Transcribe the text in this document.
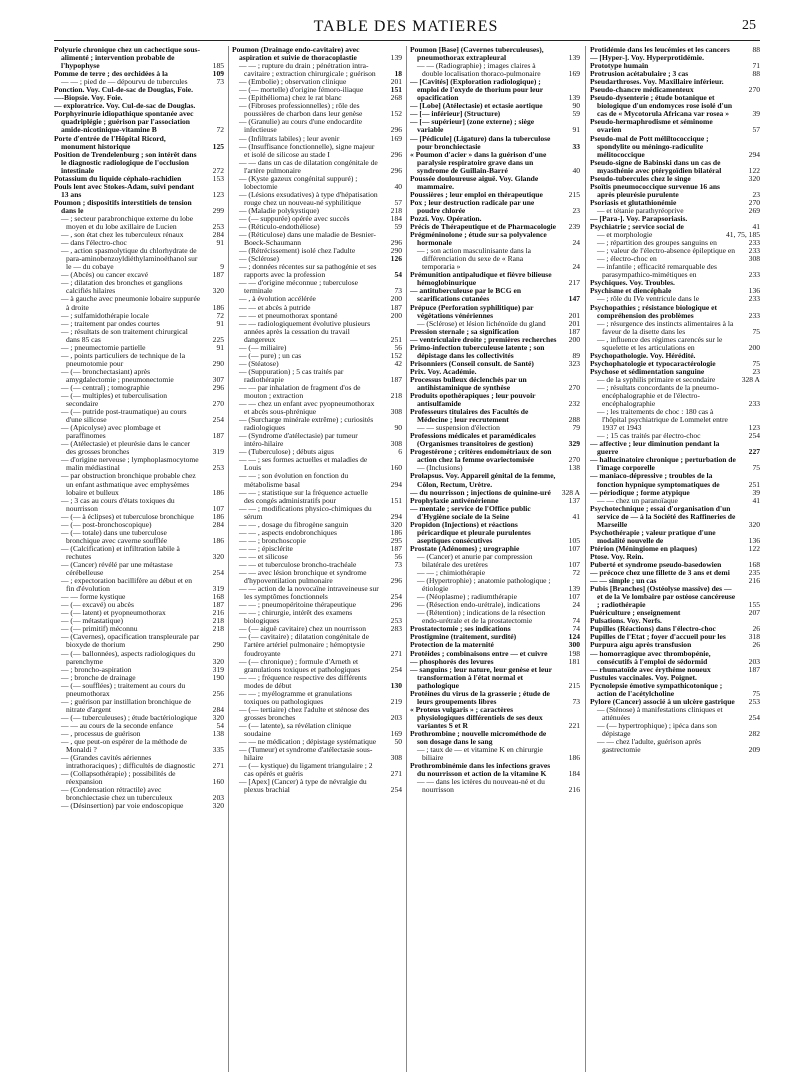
TABLE DES MATIERES	25
Polyurie chronique chez un cachectique sous-alimenté ; intervention probable de l'hypophyse	185
Pomme de terre ; des orchidées à la	109
— — ; pied de — dépourvu de tubercules	73
Ponction. Voy. Cul-de-sac de Douglas, Foie.
—-Biopsie. Voy. Foie.
— exploratrice. Voy. Cul-de-sac de Douglas.
Porphyrinurie idiopathique spontanée avec quadriplégie ; guérison par l'association amide-nicotinique-vitamine B	72
Porte d'entrée de l'Hôpital Ricord, monument historique	125
Position de Trendelenburg ; son intérêt dans le diagnostic radiologique de l'occlusion intestinale	272
Potassium du liquide céphalo-rachidien	153
Pouls lent avec Stokes-Adam, suivi pendant 13 ans	123
Poumon ; dispositifs interstitiels de tension dans le	299
— ; secteur parabronchique externe du lobe moyen et du lobe axillaire de Lucien	253
— , son état chez les tuberculeux rénaux	284
— dans l'électro-choc	91
— , action spasmolytique du chlorhydrate de para-aminobenzoyldiéthylaminoéthanol sur le — du cobaye	9
— (Abcès) ou cancer excavé	187
— ; dilatation des bronches et ganglions calcifiés hilaires	320
— à gauche avec pneumonie lobaire suppurée à droite	186
— ; sulfamidothérapie locale	72
— ; traitement par ondes courtes	91
— ; résultats de son traitement chirurgical dans 85 cas	225
— ; pneumectomie partielle	91
— , points particuliers de technique de la pneumotomie pour	290
— (— bronchectasiant) après amygdalectomie ; pneumonectomie	307
— (— central) ; tomographie	296
— (— multiples) et tuberculisation secondaire	270
— (— putride post-traumatique) au cours d'une silicose	254
— (Apicolyse) avec plombage et paraffinomes	187
— (Atélectasie) et pleurésie dans le cancer des grosses bronches	319
— d'origine nerveuse ; lymphoplasmocytome malin médiastinal	253
— par obstruction bronchique probable chez un enfant asthmatique avec emphysèmes lobaire et bulleux	186
— ; 3 cas au cours d'états toxiques du nourrisson	107
— (— à éclipses) et tuberculose bronchique 186
— (— post-bronchoscopique)	284
— (— totale) dans une tuberculose bronchique avec caverne soufflée	186
— (Calcification) et infiltration labile à rechutes	320
— (Cancer) révélé par une métastase cérébelleuse	254
— ; expectoration bacillifère au début et en fin d'évolution	319
— — forme kystique	168
— (— excavé) ou abcès	187
— (— latent) et pyopneumothorax	216
— (— métastatique)	218
— (— primitif) méconnu	218
— (Cavernes), opacification transpleurale par bioxyde de thorium	290
— (— ballonnées), aspects radiologiques du parenchyme	320
— ; broncho-aspiration	319
— ; bronche de drainage	190
— (— soufflées) ; traitement au cours du pneumothorax	256
— ; guérison par instillation bronchique de nitrate d'argent	284
— (— tuberculeuses) ; étude bactériologique 320
— — au cours de la seconde enfance	54
— , processus de guérison	138
— , que peut-on espérer de la méthode de Monaldi ?	335
— (Grandes cavités aériennes intrathoraciques) ; difficultés de diagnostic 271
— (Collapsothérapie) ; possibilités de réexpansion	160
— (Condensation rétractile) avec bronchiectasie chez un tuberculeux	203
— (Désinsertion) par voie endoscopique	320
Poumon (Drainage endo-cavitaire) avec aspiration et suivie de thoracoplastie	139
— — ; rupture du drain ; pénétration intra-cavitaire ; extraction chirurgicale ; guérison 18
— (Embolie) ; observation clinique	201
— (— mortelle) d'origine fémoro-iliaque	151
— (Epithélioma) chez le rat blanc	268
— (Fibroses professionnelles) ; rôle des poussières de charbon dans leur genèse	152
— (Granulie) au cours d'une endocardite infectieuse	296
— (Infiltrats labiles) ; leur avenir	169
— (Insuffisance fonctionnelle), signe majeur et isolé de silicose au stade I	296
— — dans un cas de dilatation congénitale de l'artère pulmonaire	296
— (Kyste gazeux congénital suppuré) ; lobectomie	40
— (Lésions exsudatives) à type d'hépatisation rouge chez un nouveau-né syphilitique	57
— (Maladie polykystique)	218
— (— suppurée) opérée avec succès	184
— (Réticulo-endothéliose)	59
— (Réticulose) dans une maladie de Besnier-Boeck-Schaumann	296
— (Rétrécissement) isolé chez l'adulte	290
— (Sclérose)	126
— ; données récentes sur sa pathogénie et ses rapports avec la profession	54
— — d'origine méconnue ; tuberculose terminale	73
— , à évolution accélérée	200
— — et abcès à putride	187
— — et pneumothorax spontané	200
— — radiologiquement évolutive plusieurs années après la cessation du travail dangereux	251
— (— miliaire)	56
— (— pure) ; un cas	152
— (Stéatose)	42
— (Suppuration) ; 5 cas traités par radiothérapie	187
— — par inhalation de fragment d'os de mouton ; extraction	218
— — chez un enfant avec pyopneumothorax et abcès sous-phrénique	308
— (Surcharge minérale extrême) ; curiosités radiologiques	90
— (Syndrome d'atélectasie) par tumeur intéro-hilaire	308
— (Tuberculose) ; débuts aigus	6
— — ; ses formes actuelles et maladies de Louis	160
— — ; son évolution en fonction du métabolisme basal	294
— — ; statistique sur la fréquence actuelle des congés administratifs pour	151
— — ; modifications physico-chimiques du sérum	294
— — , dosage du fibrogène sanguin	320
— — , aspects endobronchiques	186
— — ; bronchoscopie	295
— — ; épisclérite	187
— — et silicose	56
— — et tuberculose broncho-trachéale	73
— — avec lésion bronchique et syndrome d'hypoventilation pulmonaire	296
— — action de la novocaïne intraveineuse sur les symptômes fonctionnels	254
— — ; pneumopéritoine thérapeutique	296
— — ; chirurgie, intérêt des examens biologiques	253
— (— aiguë cavitaire) chez un nourrisson	283
— (— cavitaire) ; dilatation congénitale de l'artère artériel pulmonaire ; hémoptysie foudroyante	271
— (— chronique) ; formule d'Arneth et granulations toxiques et pathologiques	254
— — ; fréquence respective des différents modes de début	130
— — ; myélogramme et granulations toxiques ou pathologiques	219
— (— tertiaire) chez l'adulte et sténose des grosses bronches	203
— (— latente), sa révélation clinique soudaine	169
— — ne médication ; dépistage systématique 50
— (Tumeur) et syndrome d'atélectasie sous-hilaire	308
— (— kystique) du ligament triangulaire ; 2 cas opérés et guéris	271
— [Apex] (Cancer) à type de névralgie du plexus brachial	254
Poumon [Base] (Cavernes tuberculeuses), pneumothorax extrapleural	139
— — (Radiographie) ; images claires à double localisation thoraco-pulmonaire	169
— [Cavités] (Exploration radiologique) ; emploi de l'oxyde de thorium pour leur opacification	139
— [Lobe] (Atélectasie) et ectasie aortique	90
— [— inférieur] (Structure)	59
— [— supérieur] (zone externe) ; siège variable	91
— [Pédicule] (Ligature) dans la tuberculose pour bronchiectasie	33
« Poumon d'acier » dans la guérison d'une paralysie respiratoire grave dans un syndrome de Guillain-Barré	40
Poussée douloureuse aiguë. Voy. Glande mammaire.
Poussières ; leur emploi en thérapeutique	215
Pox ; leur destruction radicale par une poudre chlorée	23
Pozzi. Voy. Opération.
Précis de Thérapeutique et de Pharmacologie 239
Prégméninolone ; étude sur sa polyvalence hormonale	24
— ; son action masculinisante dans la différenciation du sexe de « Rana temporaria »	24
Prémunition antipaludique et fièvre bilieuse hémoglobinurique	217
— antituberculeuse par le BCG en scarifications cutanées	147
Prépuce (Perforation syphilitique) par végétations vénériennes	201
— (Sclérose) et lésion lichénoïde du gland	201
Pression sternale ; sa signification	187
— ventriculaire droite ; premières recherches 200
Primo-infection tuberculeuse latente ; son dépistage dans les collectivités	89
Prisonniers (Conseil consult. de Santé)	323
Prix. Voy. Académie.
Processus bulleux déclenchés par un antihistaminique de synthèse	270
Produits opothérapiques ; leur pouvoir antisulfamide	232
Professeurs titulaires des Facultés de Médecine ; leur recrutement	288
— — suspension d'élection	79
Professions médicales et paramédicales (Organismes transitoires de gestion)	329
Progestérone ; critères endométriaux de son action chez la femme ovariectomisée	270
— (Inclusions)	138
Prolapsus. Voy. Appareil génital de la femme, Côlon, Rectum, Urètre.
— du nourrisson ; injections de quinine-uré 328 A
Prophylaxie antivénérienne	137
— mentale ; service de l'Office public d'Hygiène sociale de la Seine	41
Propidon (Injections) et réactions péricardique et pleurale purulentes aseptiques consécutives	105
Prostate (Adénomes) ; urographie	107
— (Cancer) et anurie par compression bilatérale des uretères	107
— — ; chimiothérapie	72
— (Hypertrophie) ; anatomie pathologique ; étiologie	139
— (Néoplasme) ; radiumthérapie	107
— (Résection endo-urétrale), indications	24
— (Rétention) ; indications de la résection endo-urétrale et de la prostatectomie	74
Prostatectomie ; ses indications	74
Prostigmine (traitement, surdité)	124
Protection de la maternité	300
Protéides ; combinaisons entre — et cuivre	198
— phosphorés des levures	181
— sanguins ; leur nature, leur genèse et leur transformation à l'état normal et pathologique	215
Protéines du virus de la grasserie ; étude de leurs groupements libres	73
« Proteus vulgaris » ; caractères physiologiques différentiels de ses deux variantes S et R	221
Prothrombine ; nouvelle microméthode de son dosage dans le sang
— ; taux de — et vitamine K en chirurgie biliaire	186
Prothrombinémie dans les infections graves du nourrisson et action de la vitamine K	184
— — dans les ictères du nouveau-né et du nourrisson	216
Protidémie dans les leucémies et les cancers	88
— [Hyper-]. Voy. Hyperprotidémie.
Prototype humain	71
Protrusion acétabulaire ; 3 cas	88
Pseudarthroses. Voy. Maxillaire inférieur.
Pseudo-chancre médicamenteux	270
Pseudo-dysenterie ; étude botanique et biologique d'un endomyces rose isolé d'un cas de « Mycotorula Africana var rosea »	39
Pseudo-hermaphrodisme et séminome ovarien	57
Pseudo-mal de Pott méliltococcique ; spondylite ou méningo-radiculite mélitococcique	294
Pseudo-signe de Babinski dans un cas de myasthénie avec ptérygoïdien bilatéral	122
Pseudo-tubercules chez le singe	320
Psoïtis pneumococcique survenue 16 ans après pleurésie purulente	23
Psoriasis et glutathionémie	270
— et tétanie parathyréoprive	269
— [Para-]. Voy. Parapsoriasis.
Psychiatrie ; service social de	41
— et morphologie	41, 75, 185
— ; répartition des groupes sanguins en	233
— ; valeur de l'électro-absence épileptique en 233
— ; électro-choc en	308
— infantile ; efficacité remarquable des parasympathico-mimétiques en	233
Psychiques. Voy. Troubles.
Psychisme et diencéphale	136
— ; rôle du IVe ventricule dans le	233
Psychopathies ; résistance biologique et compréhension des problèmes	233
— ; résurgence des instincts alimentaires à la faveur de la disette dans les	75
— , influence des régimes carencés sur le squelette et les articulations en	200
Psychopathologie. Voy. Hérédité.
Psychophatologie et typocaractérologie	75
Psychose et sédimentation sanguine	23
— de la syphilis primaire et secondaire	328 A
— ; résultats concordants de la pneumo-encéphalographie et de l'électro-encéphalographie	233
— ; les traitements de choc : 180 cas à l'hôpital psychiatrique de Lommelet entre 1937 et 1943	123
— ; 15 cas traités par électro-choc	254
— affective ; leur diminution pendant la guerre	227
— hallucinatoire chronique ; perturbation de l'image corporelle	75
— maniaco-dépressive ; troubles de la fonction hypnique symptomatiques de	251
— périodique ; forme atypique	39
— — chez un paranoïaque	41
Psychotechnique ; essai d'organisation d'un service de — à la Société des Raffineries de Marseille	320
Psychothérapie ; valeur pratique d'une modalité nouvelle de	136
Ptérion (Méningiome en plaques)	122
Ptose. Voy. Rein.
Puberté et syndrome pseudo-basedowien	168
— précoce chez une fillette de 3 ans et demi	235
— — simple ; un cas	216
Pubis [Branches] (Ostéolyse massive) des — et de la Ve lombaire par ostéose cancéreuse ; radiothérapie	155
Puériculture ; enseignement	207
Pulsations. Voy. Nerfs.
Pupilles (Réactions) dans l'électro-choc	26
Pupilles de l'Etat ; foyer d'accueil pour les	318
Purpura aigu après transfusion	26
— homorragique avec thrombopénie, consécutifs à l'emploi de sédormid	203
— rhumatoïde avec érythème noueux	187
Pustules vaccinales. Voy. Poignet.
Pycnolepsie émotive sympathicotonique ; action de l'acétylcholine	75
Pylore (Cancer) associé à un ulcère gastrique 253
— (Sténose) à manifestations cliniques et atténuées	254
— (— hypertrophique) ; ipéca dans son dépistage	282
— — chez l'adulte, guérison après gastrectomie	209
